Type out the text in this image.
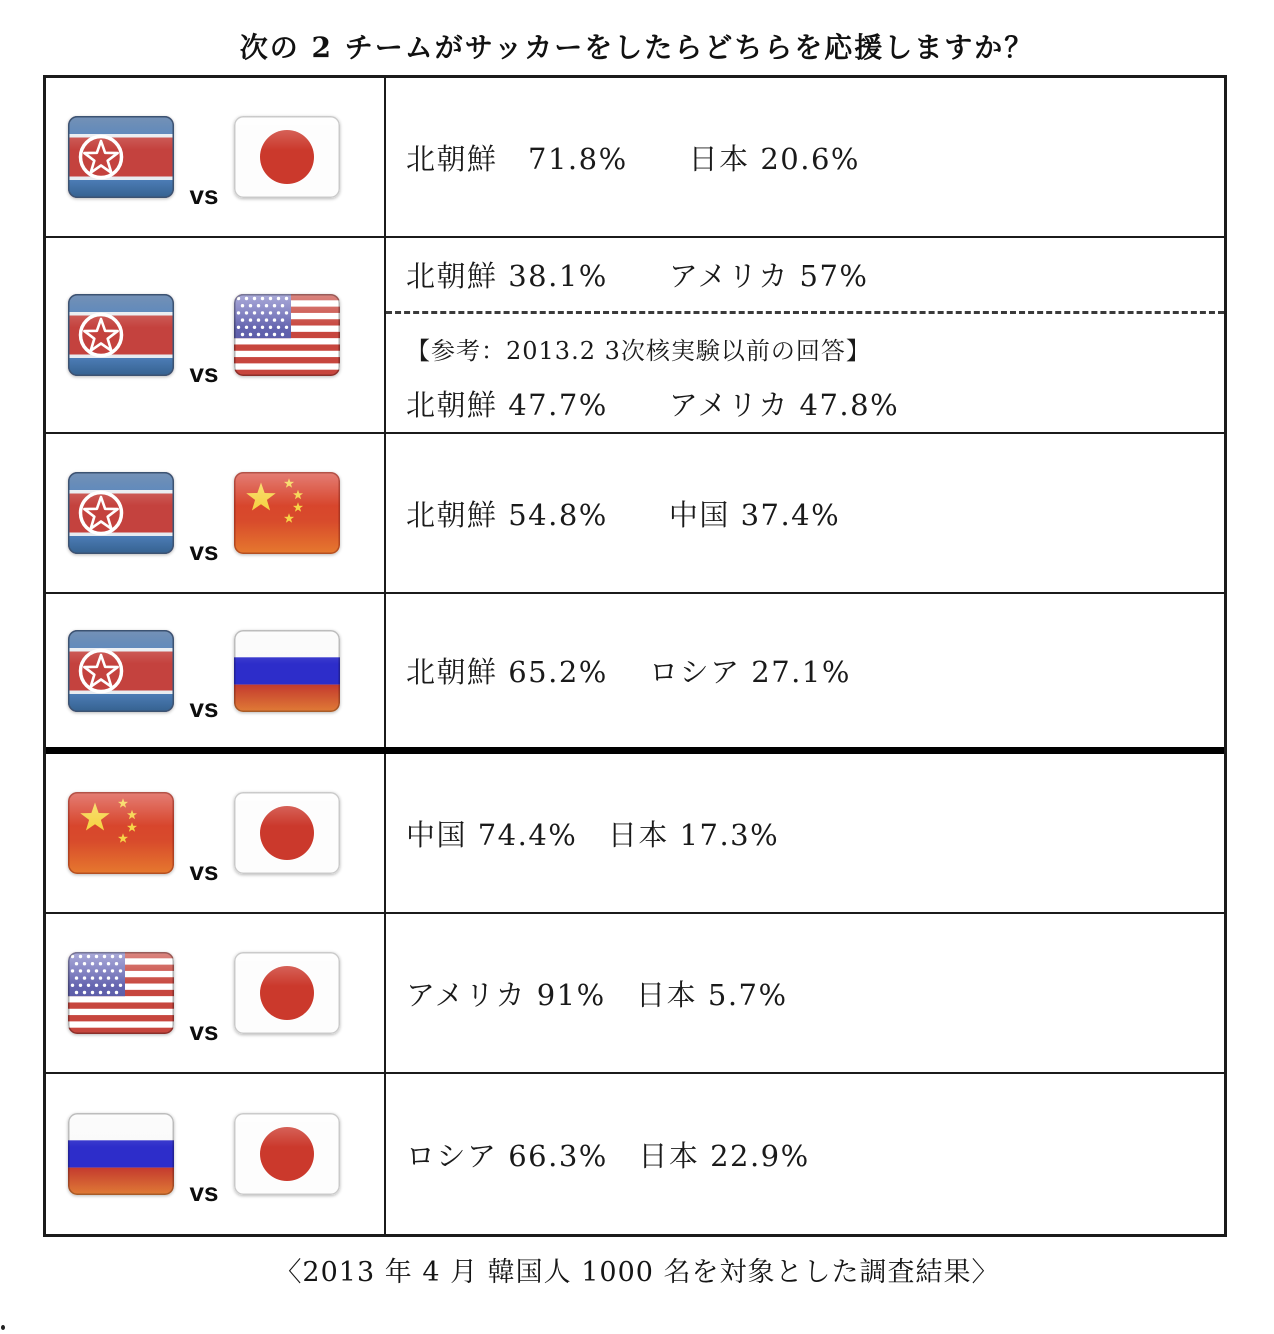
次の 2 チームがサッカーをしたらどちらを応援しますか？
vs
北朝鮮　71.8%　　日本 20.6%
vs
北朝鮮 38.1%　　アメリカ 57%
【参考：2013.2 3次核実験以前の回答】
北朝鮮 47.7%　　アメリカ 47.8%
vs
北朝鮮 54.8%　　中国 37.4%
vs
北朝鮮 65.2%　 ロシア 27.1%
vs
中国 74.4%　日本 17.3%
vs
アメリカ 91%　日本 5.7%
vs
ロシア 66.3%　日本 22.9%
〈2013 年 4 月 韓国人 1000 名を対象とした調査結果〉
